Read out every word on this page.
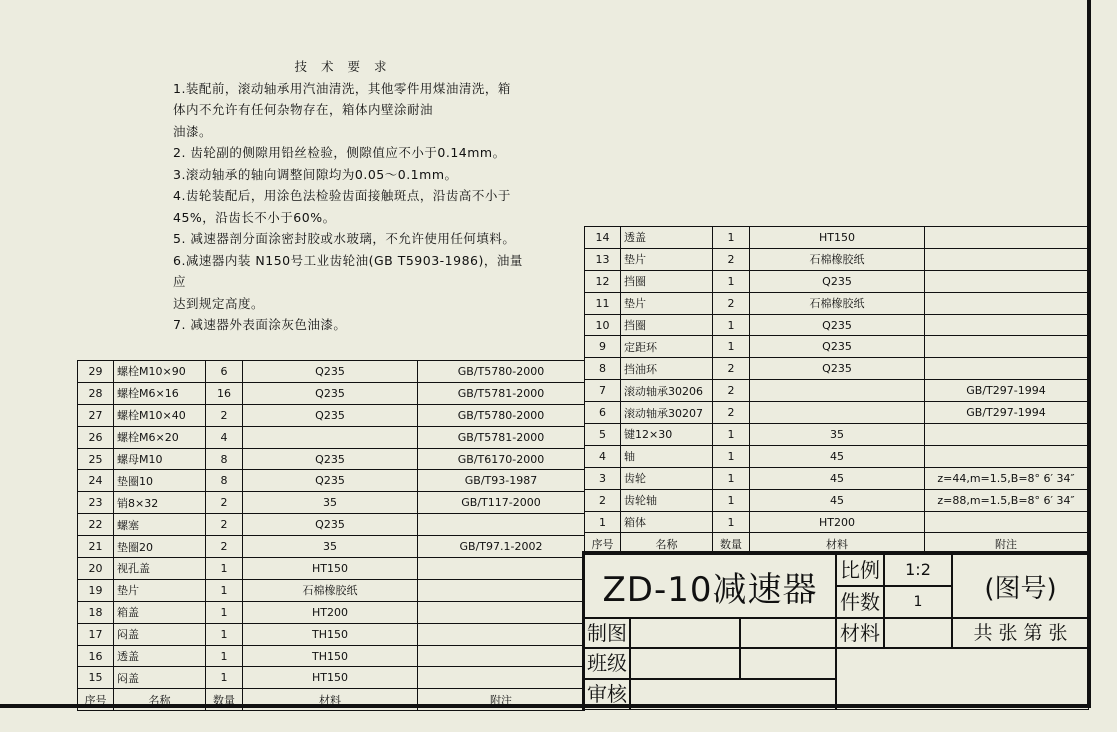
技 术 要 求

1.装配前，滚动轴承用汽油清洗，其他零件用煤油清洗，箱

体内不允许有任何杂物存在，箱体内壁涂耐油

油漆。

2. 齿轮副的侧隙用铅丝检验，侧隙值应不小于0.14mm。

3.滚动轴承的轴向调整间隙均为0.05～0.1mm。

4.齿轮装配后，用涂色法检验齿面接触斑点，沿齿高不小于

45%，沿齿长不小于60%。

5. 减速器剖分面涂密封胶或水玻璃，不允许使用任何填料。

6.减速器内装 N150号工业齿轮油(GB T5903-1986)，油量应

达到规定高度。

7. 减速器外表面涂灰色油漆。

14	透盖	1	HT150	
13	垫片	2	石棉橡胶纸	
12	挡圈	1	Q235	
11	垫片	2	石棉橡胶纸	
10	挡圈	1	Q235	
9	定距环	1	Q235	
8	挡油环	2	Q235	
7	滚动轴承30206	2		GB/T297-1994
6	滚动轴承30207	2		GB/T297-1994
5	键12×30	1	35	
4	轴	1	45	
3	齿轮	1	45	z=44,m=1.5,B=8° 6′ 34″
2	齿轮轴	1	45	z=88,m=1.5,B=8° 6′ 34″
1	箱体	1	HT200	
序号	名称	数量	材料	附注
29	螺栓M10×90	6	Q235	GB/T5780-2000
28	螺栓M6×16	16	Q235	GB/T5781-2000
27	螺栓M10×40	2	Q235	GB/T5780-2000
26	螺栓M6×20	4		GB/T5781-2000
25	螺母M10	8	Q235	GB/T6170-2000
24	垫圈10	8	Q235	GB/T93-1987
23	销8×32	2	35	GB/T117-2000
22	螺塞	2	Q235	
21	垫圈20	2	35	GB/T97.1-2002
20	视孔盖	1	HT150	
19	垫片	1	石棉橡胶纸	
18	箱盖	1	HT200	
17	闷盖	1	TH150	
16	透盖	1	TH150	
15	闷盖	1	HT150	
序号	名称	数量	材料	附注
ZD-10减速器	比例	1:2
件数	1	(图号)
制图	材料	共 张 第 张
班级
审核
